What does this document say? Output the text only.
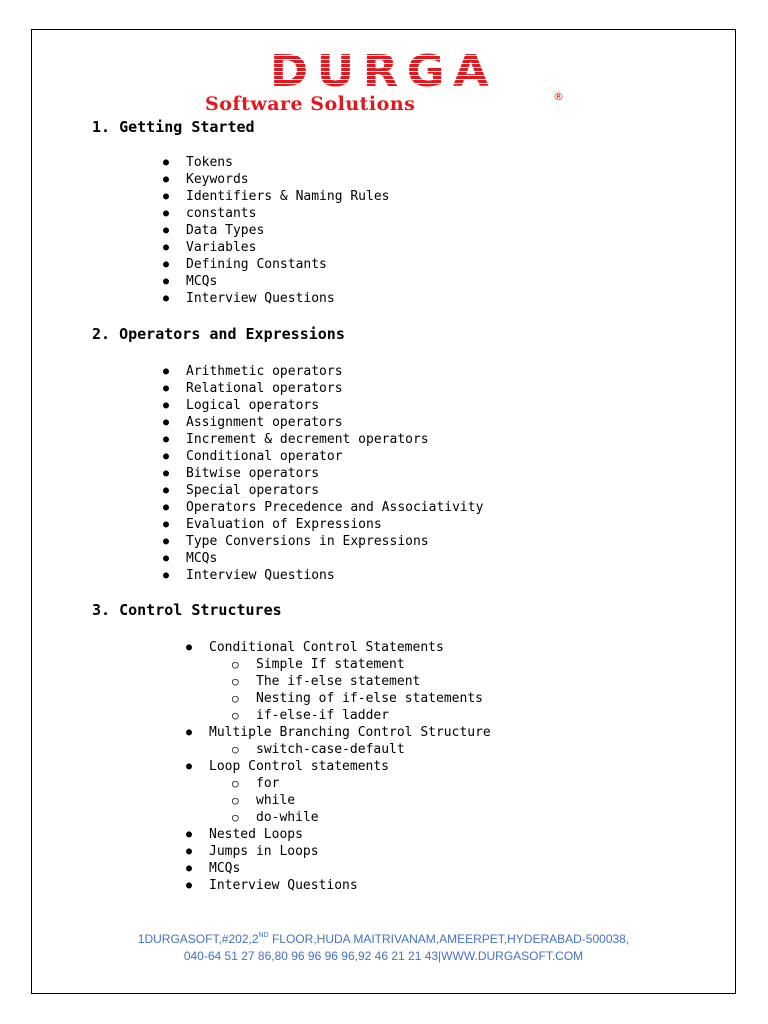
DURGA
Software Solutions	®
1. Getting Started
● Tokens
● Keywords
● Identifiers & Naming Rules
● constants
● Data Types
● Variables
● Defining Constants
● MCQs
● Interview Questions
2. Operators and Expressions
● Arithmetic operators
● Relational operators
● Logical operators
● Assignment operators
● Increment & decrement operators
● Conditional operator
● Bitwise operators
● Special operators
● Operators Precedence and Associativity
● Evaluation of Expressions
● Type Conversions in Expressions
● MCQs
● Interview Questions
3. Control Structures
● Conditional Control Statements
○ Simple If statement
○ The if-else statement
○ Nesting of if-else statements
○ if-else-if ladder
● Multiple Branching Control Structure
○ switch-case-default
● Loop Control statements
○ for
○ while
○ do-while
● Nested Loops
● Jumps in Loops
● MCQs
● Interview Questions
1DURGASOFT,#202,2ND FLOOR,HUDA MAITRIVANAM,AMEERPET,HYDERABAD-500038,
040-64 51 27 86,80 96 96 96 96,92 46 21 21 43|WWW.DURGASOFT.COM
